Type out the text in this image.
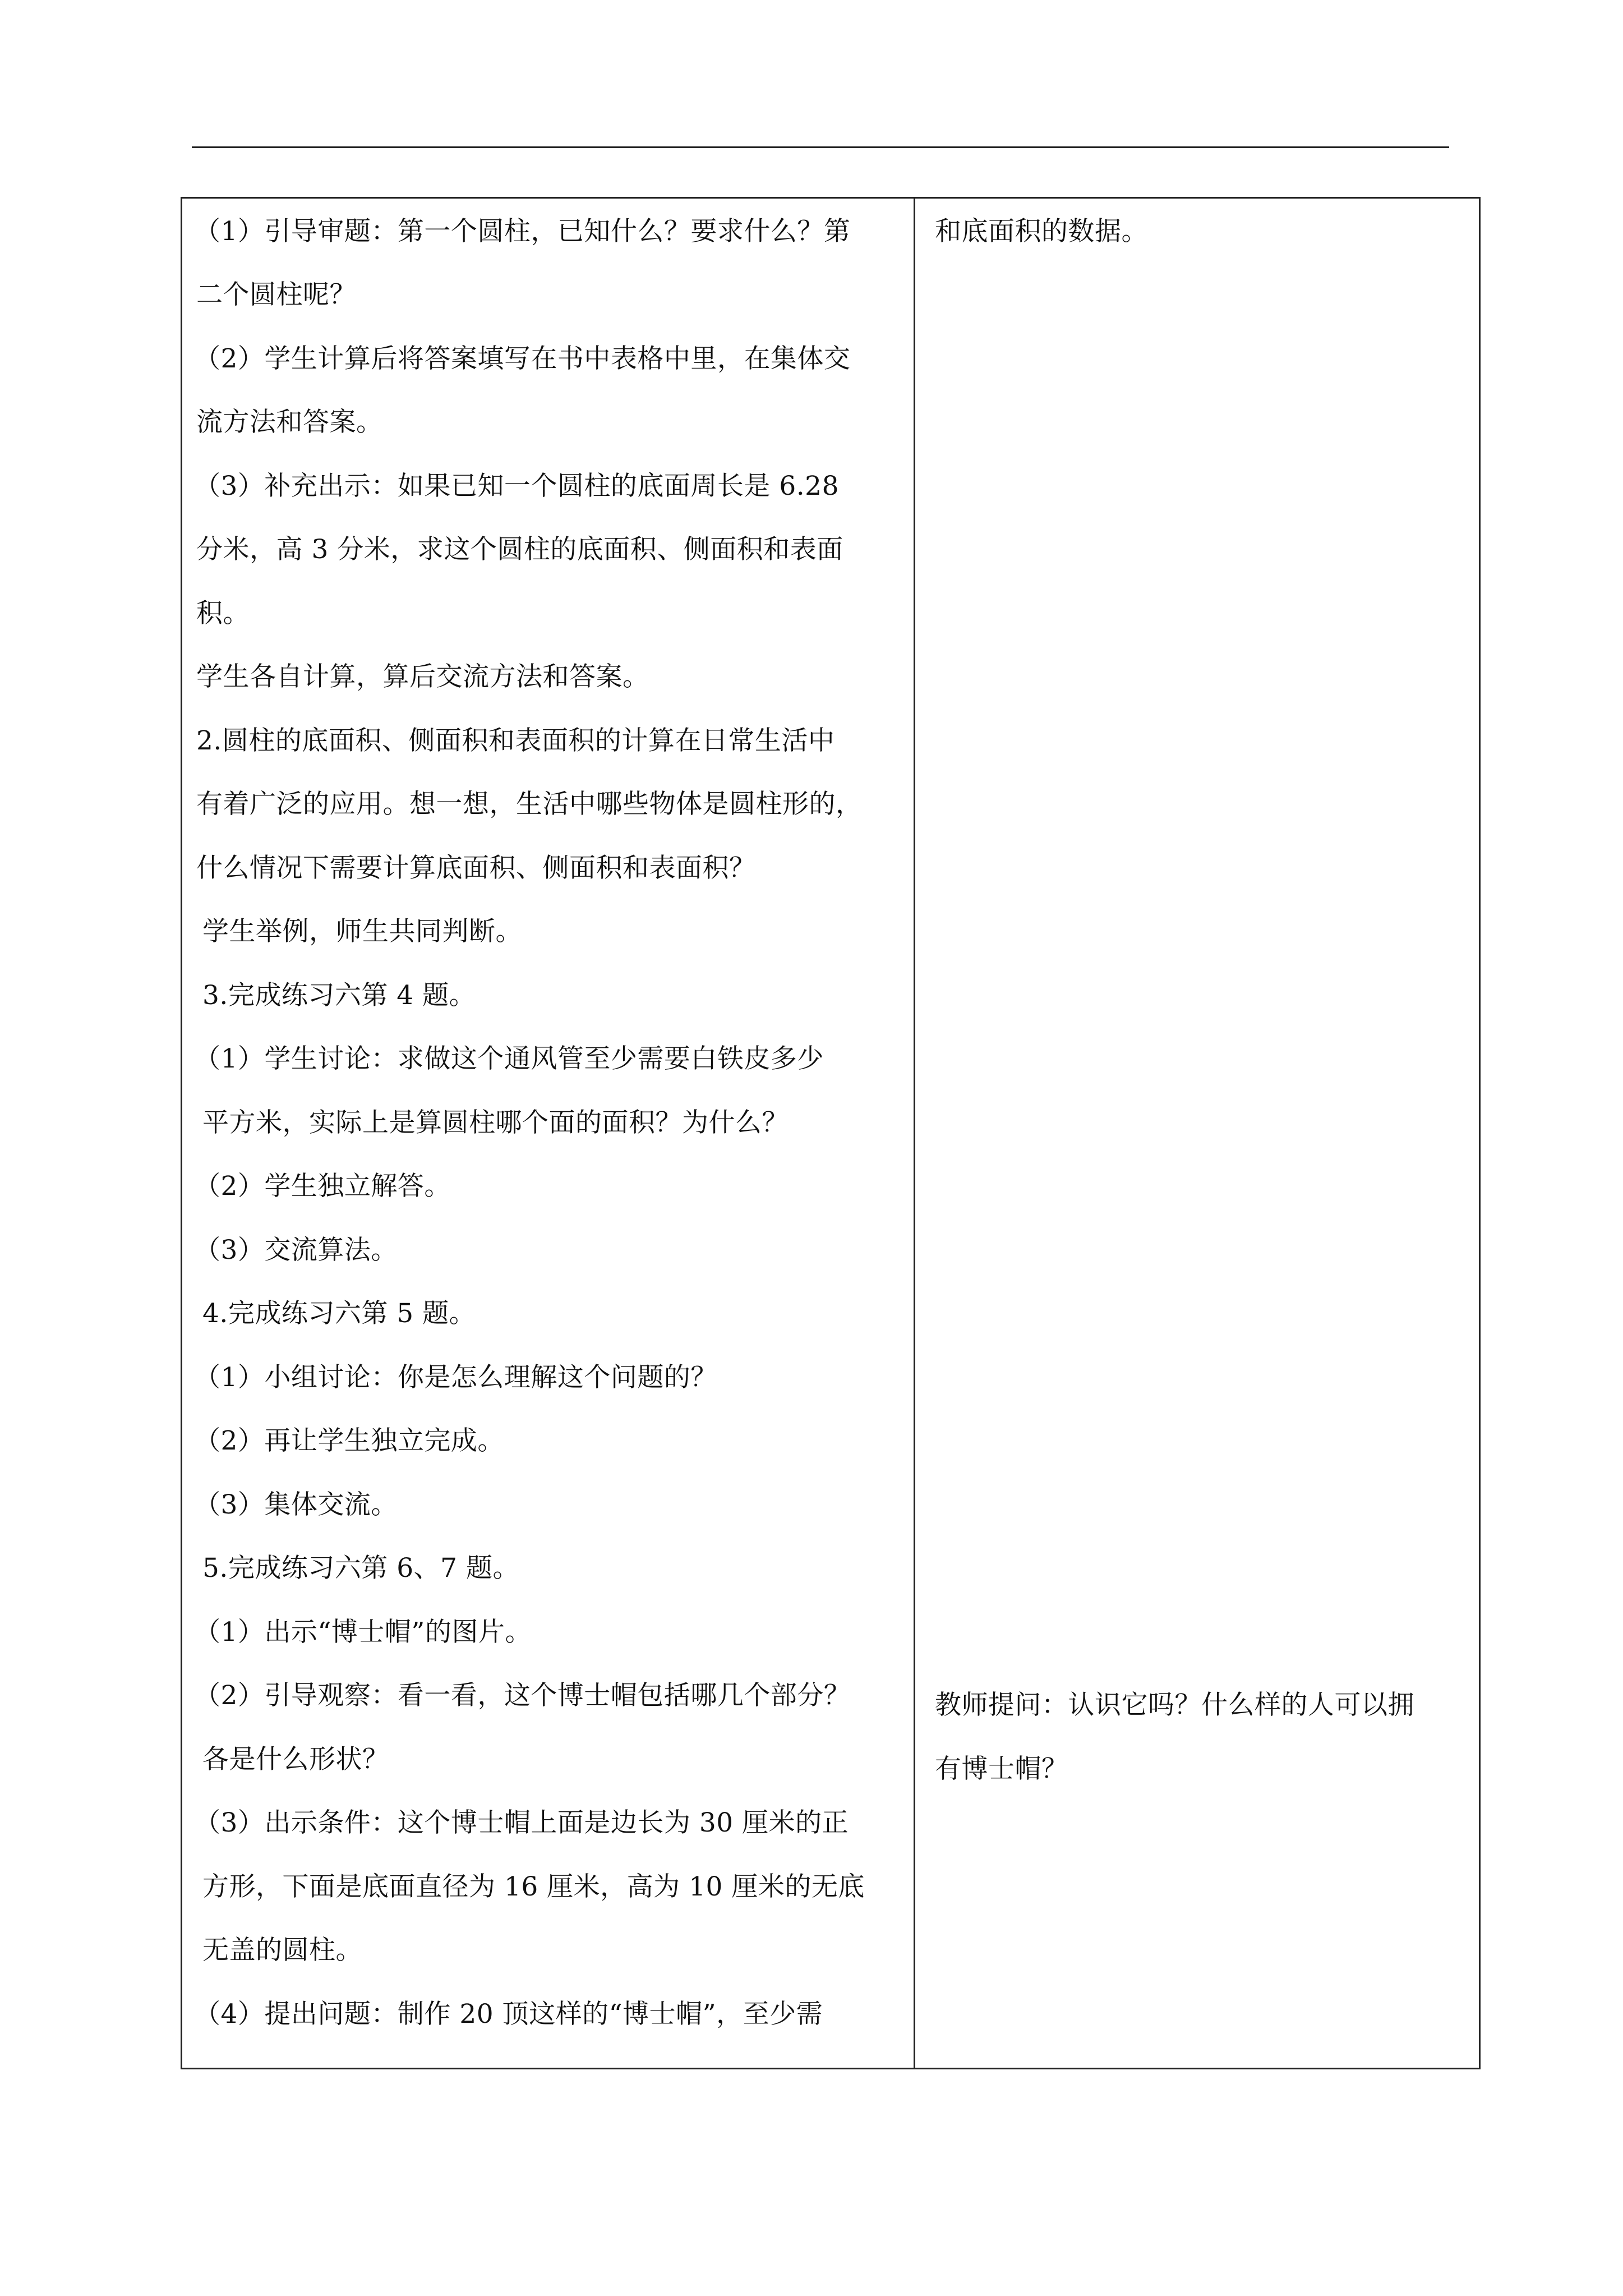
（1）引导审题：第一个圆柱，已知什么？要求什么？第

二个圆柱呢？

（2）学生计算后将答案填写在书中表格中里，在集体交

流方法和答案。

（3）补充出示：如果已知一个圆柱的底面周长是 6.28

分米，高 3 分米，求这个圆柱的底面积、侧面积和表面

积。

学生各自计算，算后交流方法和答案。

2.圆柱的底面积、侧面积和表面积的计算在日常生活中

有着广泛的应用。想一想，生活中哪些物体是圆柱形的，

什么情况下需要计算底面积、侧面积和表面积？

学生举例，师生共同判断。

3.完成练习六第 4 题。

（1）学生讨论：求做这个通风管至少需要白铁皮多少

平方米，实际上是算圆柱哪个面的面积？为什么？

（2）学生独立解答。

（3）交流算法。

4.完成练习六第 5 题。

（1）小组讨论：你是怎么理解这个问题的？

（2）再让学生独立完成。

（3）集体交流。

5.完成练习六第 6、7 题。

（1）出示“博士帽”的图片。

（2）引导观察：看一看，这个博士帽包括哪几个部分？

各是什么形状？

（3）出示条件：这个博士帽上面是边长为 30 厘米的正

方形，下面是底面直径为 16 厘米，高为 10 厘米的无底

无盖的圆柱。

（4）提出问题：制作 20 顶这样的“博士帽”，至少需

和底面积的数据。

教师提问：认识它吗？什么样的人可以拥

有博士帽？
